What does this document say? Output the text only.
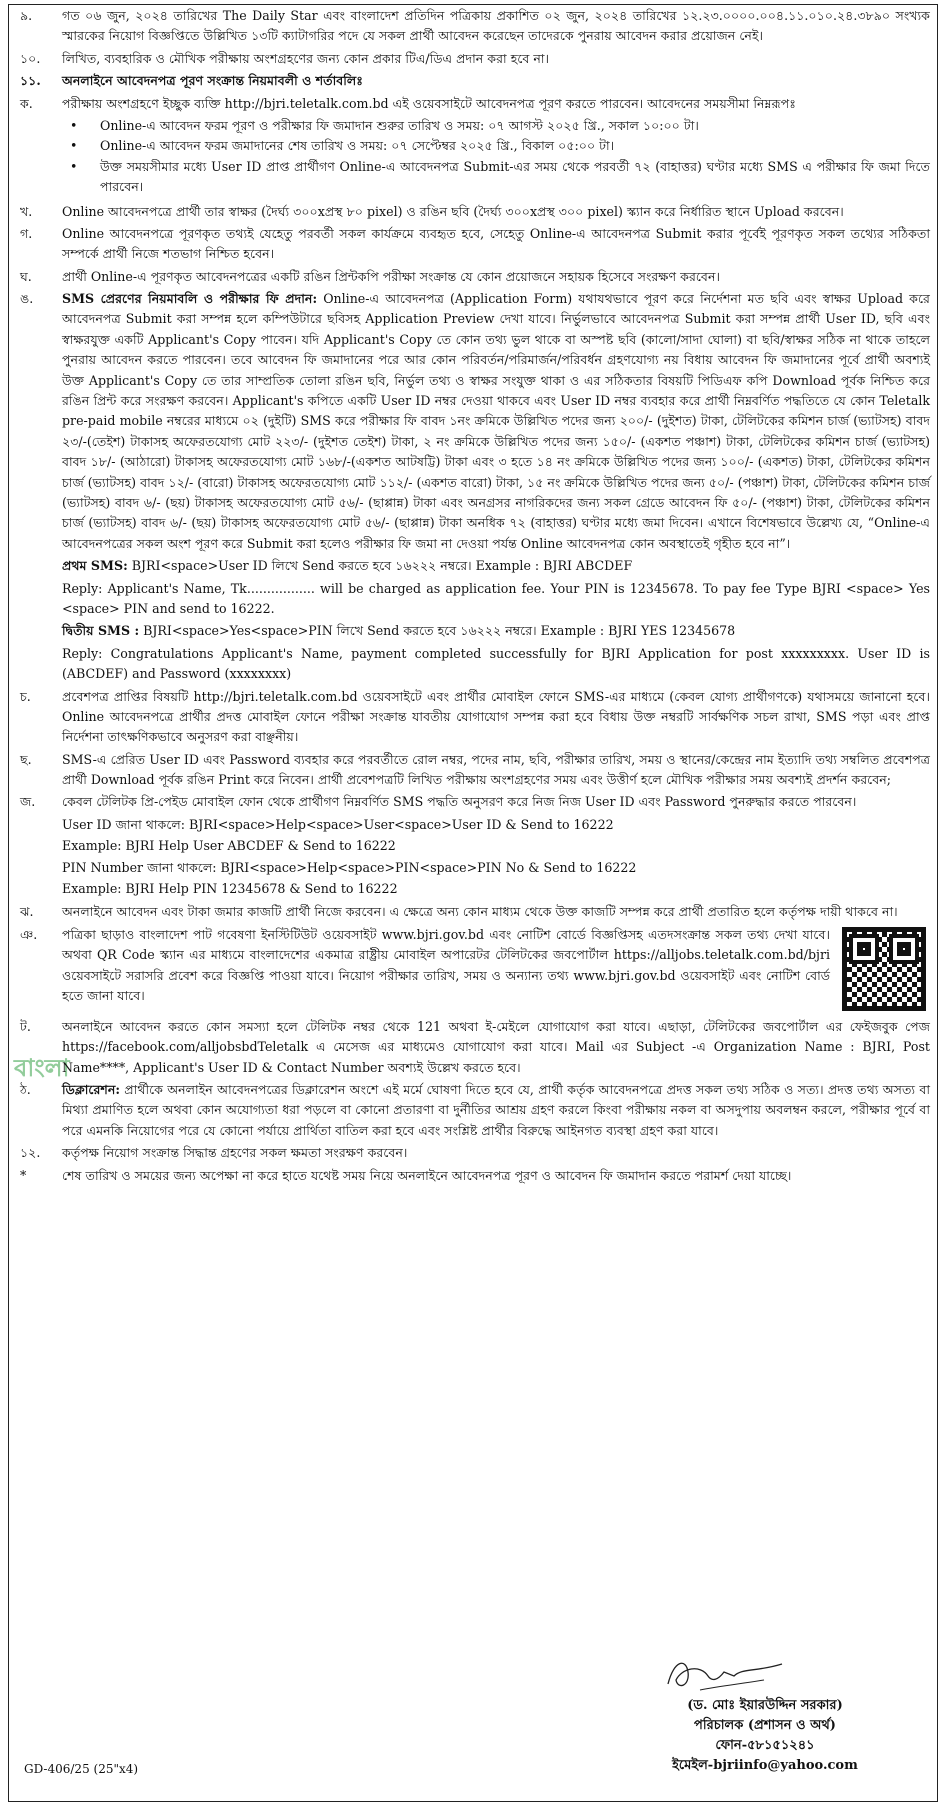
বাংলা
৯.	গত ০৬ জুন, ২০২৪ তারিখের The Daily Star এবং বাংলাদেশ প্রতিদিন পত্রিকায় প্রকাশিত ০২ জুন, ২০২৪ তারিখের ১২.২৩.০০০০.০০৪.১১.০১০.২৪.৩৮৯০ সংখ্যক স্মারকের নিয়োগ বিজ্ঞপ্তিতে উল্লিখিত ১৩টি ক্যাটাগরির পদে যে সকল প্রার্থী আবেদন করেছেন তাদেরকে পুনরায় আবেদন করার প্রয়োজন নেই।
১০.	লিখিত, ব্যবহারিক ও মৌখিক পরীক্ষায় অংশগ্রহণের জন্য কোন প্রকার টিএ/ডিএ প্রদান করা হবে না।
১১.	অনলাইনে আবেদনপত্র পূরণ সংক্রান্ত নিয়মাবলী ও শর্তাবলিঃ
ক.	পরীক্ষায় অংশগ্রহণে ইচ্ছুক ব্যক্তি http://bjri.teletalk.com.bd এই ওয়েবসাইটে আবেদনপত্র পূরণ করতে পারবেন। আবেদনের সময়সীমা নিম্নরূপঃ
•	Online-এ আবেদন ফরম পূরণ ও পরীক্ষার ফি জমাদান শুরুর তারিখ ও সময়: ০৭ আগস্ট ২০২৫ খ্রি., সকাল ১০:০০ টা।
•	Online-এ আবেদন ফরম জমাদানের শেষ তারিখ ও সময়: ০৭ সেপ্টেম্বর ২০২৫ খ্রি., বিকাল ০৫:০০ টা।
•	উক্ত সময়সীমার মধ্যে User ID প্রাপ্ত প্রার্থীগণ Online-এ আবেদনপত্র Submit-এর সময় থেকে পরবর্তী ৭২ (বাহাত্তর) ঘণ্টার মধ্যে SMS এ পরীক্ষার ফি জমা দিতে পারবেন।
খ.	Online আবেদনপত্রে প্রার্থী তার স্বাক্ষর (দৈর্ঘ্য ৩০০xপ্রস্থ ৮০ pixel) ও রঙিন ছবি (দৈর্ঘ্য ৩০০xপ্রস্থ ৩০০ pixel) স্ক্যান করে নির্ধারিত স্থানে Upload করবেন।
গ.	Online আবেদনপত্রে পূরণকৃত তথ্যই যেহেতু পরবর্তী সকল কার্যক্রমে ব্যবহৃত হবে, সেহেতু Online-এ আবেদনপত্র Submit করার পূর্বেই পূরণকৃত সকল তথ্যের সঠিকতা সম্পর্কে প্রার্থী নিজে শতভাগ নিশ্চিত হবেন।
ঘ.	প্রার্থী Online-এ পূরণকৃত আবেদনপত্রের একটি রঙিন প্রিন্টকপি পরীক্ষা সংক্রান্ত যে কোন প্রয়োজনে সহায়ক হিসেবে সংরক্ষণ করবেন।
ঙ.	SMS প্রেরণের নিয়মাবলি ও পরীক্ষার ফি প্রদান: Online-এ আবেদনপত্র (Application Form) যথাযথভাবে পূরণ করে নির্দেশনা মত ছবি এবং স্বাক্ষর Upload করে আবেদনপত্র Submit করা সম্পন্ন হলে কম্পিউটারে ছবিসহ Application Preview দেখা যাবে। নির্ভুলভাবে আবেদনপত্র Submit করা সম্পন্ন প্রার্থী User ID, ছবি এবং স্বাক্ষরযুক্ত একটি Applicant's Copy পাবেন। যদি Applicant's Copy তে কোন তথ্য ভুল থাকে বা অস্পষ্ট ছবি (কালো/সাদা ঘোলা) বা ছবি/স্বাক্ষর সঠিক না থাকে তাহলে পুনরায় আবেদন করতে পারবেন। তবে আবেদন ফি জমাদানের পরে আর কোন পরিবর্তন/পরিমার্জন/পরিবর্ধন গ্রহণযোগ্য নয় বিধায় আবেদন ফি জমাদানের পূর্বে প্রার্থী অবশ্যই উক্ত Applicant's Copy তে তার সাম্প্রতিক তোলা রঙিন ছবি, নির্ভুল তথ্য ও স্বাক্ষর সংযুক্ত থাকা ও এর সঠিকতার বিষয়টি পিডিএফ কপি Download পূর্বক নিশ্চিত করে রঙিন প্রিন্ট করে সংরক্ষণ করবেন। Applicant's কপিতে একটি User ID নম্বর দেওয়া থাকবে এবং User ID নম্বর ব্যবহার করে প্রার্থী নিম্নবর্ণিত পদ্ধতিতে যে কোন Teletalk pre-paid mobile নম্বরের মাধ্যমে ০২ (দুইটি) SMS করে পরীক্ষার ফি বাবদ ১নং ক্রমিকে উল্লিখিত পদের জন্য ২০০/- (দুইশত) টাকা, টেলিটকের কমিশন চার্জ (ভ্যাটসহ) বাবদ ২৩/-(তেইশ) টাকাসহ অফেরতযোগ্য মোট ২২৩/- (দুইশত তেইশ) টাকা, ২ নং ক্রমিকে উল্লিখিত পদের জন্য ১৫০/- (একশত পঞ্চাশ) টাকা, টেলিটকের কমিশন চার্জ (ভ্যাটসহ) বাবদ ১৮/- (আঠারো) টাকাসহ অফেরতযোগ্য মোট ১৬৮/-(একশত আটষট্টি) টাকা এবং ৩ হতে ১৪ নং ক্রমিকে উল্লিখিত পদের জন্য ১০০/- (একশত) টাকা, টেলিটকের কমিশন চার্জ (ভ্যাটসহ) বাবদ ১২/- (বারো) টাকাসহ অফেরতযোগ্য মোট ১১২/- (একশত বারো) টাকা, ১৫ নং ক্রমিকে উল্লিখিত পদের জন্য ৫০/- (পঞ্চাশ) টাকা, টেলিটকের কমিশন চার্জ (ভ্যাটসহ) বাবদ ৬/- (ছয়) টাকাসহ অফেরতযোগ্য মোট ৫৬/- (ছাপ্পান্ন) টাকা এবং অনগ্রসর নাগরিকদের জন্য সকল গ্রেডে আবেদন ফি ৫০/- (পঞ্চাশ) টাকা, টেলিটকের কমিশন চার্জ (ভ্যাটসহ) বাবদ ৬/- (ছয়) টাকাসহ অফেরতযোগ্য মোট ৫৬/- (ছাপ্পান্ন) টাকা অনধিক ৭২ (বাহাত্তর) ঘণ্টার মধ্যে জমা দিবেন। এখানে বিশেষভাবে উল্লেখ্য যে, “Online-এ আবেদনপত্রের সকল অংশ পূরণ করে Submit করা হলেও পরীক্ষার ফি জমা না দেওয়া পর্যন্ত Online আবেদনপত্র কোন অবস্থাতেই গৃহীত হবে না”।
প্রথম SMS: BJRI<space>User ID লিখে Send করতে হবে ১৬২২২ নম্বরে। Example : BJRI ABCDEF
Reply: Applicant's Name, Tk................. will be charged as application fee. Your PIN is 12345678. To pay fee Type BJRI <space> Yes <space> PIN and send to 16222.
দ্বিতীয় SMS : BJRI<space>Yes<space>PIN লিখে Send করতে হবে ১৬২২২ নম্বরে। Example : BJRI YES 12345678
Reply: Congratulations Applicant's Name, payment completed successfully for BJRI Application for post xxxxxxxxx. User ID is (ABCDEF) and Password (xxxxxxxx)
চ.	প্রবেশপত্র প্রাপ্তির বিষয়টি http://bjri.teletalk.com.bd ওয়েবসাইটে এবং প্রার্থীর মোবাইল ফোনে SMS-এর মাধ্যমে (কেবল যোগ্য প্রার্থীগণকে) যথাসময়ে জানানো হবে। Online আবেদনপত্রে প্রার্থীর প্রদত্ত মোবাইল ফোনে পরীক্ষা সংক্রান্ত যাবতীয় যোগাযোগ সম্পন্ন করা হবে বিধায় উক্ত নম্বরটি সার্বক্ষণিক সচল রাখা, SMS পড়া এবং প্রাপ্ত নির্দেশনা তাৎক্ষণিকভাবে অনুসরণ করা বাঞ্ছনীয়।
ছ.	SMS-এ প্রেরিত User ID এবং Password ব্যবহার করে পরবর্তীতে রোল নম্বর, পদের নাম, ছবি, পরীক্ষার তারিখ, সময় ও স্থানের/কেন্দ্রের নাম ইত্যাদি তথ্য সম্বলিত প্রবেশপত্র প্রার্থী Download পূর্বক রঙিন Print করে নিবেন। প্রার্থী প্রবেশপত্রটি লিখিত পরীক্ষায় অংশগ্রহণের সময় এবং উত্তীর্ণ হলে মৌখিক পরীক্ষার সময় অবশ্যই প্রদর্শন করবেন;
জ.	কেবল টেলিটক প্রি-পেইড মোবাইল ফোন থেকে প্রার্থীগণ নিম্নবর্ণিত SMS পদ্ধতি অনুসরণ করে নিজ নিজ User ID এবং Password পুনরুদ্ধার করতে পারবেন।
User ID জানা থাকলে: BJRI<space>Help<space>User<space>User ID & Send to 16222
Example: BJRI Help User ABCDEF & Send to 16222
PIN Number জানা থাকলে: BJRI<space>Help<space>PIN<space>PIN No & Send to 16222
Example: BJRI Help PIN 12345678 & Send to 16222
ঝ.	অনলাইনে আবেদন এবং টাকা জমার কাজটি প্রার্থী নিজে করবেন। এ ক্ষেত্রে অন্য কোন মাধ্যম থেকে উক্ত কাজটি সম্পন্ন করে প্রার্থী প্রতারিত হলে কর্তৃপক্ষ দায়ী থাকবে না।
ঞ.	পত্রিকা ছাড়াও বাংলাদেশ পাট গবেষণা ইনস্টিটিউট ওয়েবসাইট www.bjri.gov.bd এবং নোটিশ বোর্ডে বিজ্ঞপ্তিসহ এতদসংক্রান্ত সকল তথ্য দেখা যাবে। অথবা QR Code স্ক্যান এর মাধ্যমে বাংলাদেশের একমাত্র রাষ্ট্রীয় মোবাইল অপারেটর টেলিটকের জবপোর্টাল https://alljobs.teletalk.com.bd/bjri ওয়েবসাইটে সরাসরি প্রবেশ করে বিজ্ঞপ্তি পাওয়া যাবে। নিয়োগ পরীক্ষার তারিখ, সময় ও অন্যান্য তথ্য www.bjri.gov.bd ওয়েবসাইট এবং নোটিশ বোর্ড হতে জানা যাবে।
ট.	অনলাইনে আবেদন করতে কোন সমস্যা হলে টেলিটক নম্বর থেকে 121 অথবা ই-মেইলে যোগাযোগ করা যাবে। এছাড়া, টেলিটকের জবপোর্টাল এর ফেইজবুক পেজ https://facebook.com/alljobsbdTeletalk এ মেসেজ এর মাধ্যমেও যোগাযোগ করা যাবে। Mail এর Subject -এ Organization Name : BJRI, Post Name****, Applicant's User ID & Contact Number অবশ্যই উল্লেখ করতে হবে।
ঠ.	ডিক্লারেশন: প্রার্থীকে অনলাইন আবেদনপত্রের ডিক্লারেশন অংশে এই মর্মে ঘোষণা দিতে হবে যে, প্রার্থী কর্তৃক আবেদনপত্রে প্রদত্ত সকল তথ্য সঠিক ও সত্য। প্রদত্ত তথ্য অসত্য বা মিথ্যা প্রমাণিত হলে অথবা কোন অযোগ্যতা ধরা পড়লে বা কোনো প্রতারণা বা দুর্নীতির আশ্রয় গ্রহণ করলে কিংবা পরীক্ষায় নকল বা অসদুপায় অবলম্বন করলে, পরীক্ষার পূর্বে বা পরে এমনকি নিয়োগের পরে যে কোনো পর্যায়ে প্রার্থিতা বাতিল করা হবে এবং সংশ্লিষ্ট প্রার্থীর বিরুদ্ধে আইনগত ব্যবস্থা গ্রহণ করা যাবে।
১২.	কর্তৃপক্ষ নিয়োগ সংক্রান্ত সিদ্ধান্ত গ্রহণের সকল ক্ষমতা সংরক্ষণ করবেন।
*	শেষ তারিখ ও সময়ের জন্য অপেক্ষা না করে হাতে যথেষ্ট সময় নিয়ে অনলাইনে আবেদনপত্র পূরণ ও আবেদন ফি জমাদান করতে পরামর্শ দেয়া যাচ্ছে।
(ড. মোঃ ইয়ারউদ্দিন সরকার)
পরিচালক (প্রশাসন ও অর্থ)
ফোন-৫৮১৫১২৪১
ইমেইল-bjriinfo@yahoo.com
GD-406/25 (25"x4)
